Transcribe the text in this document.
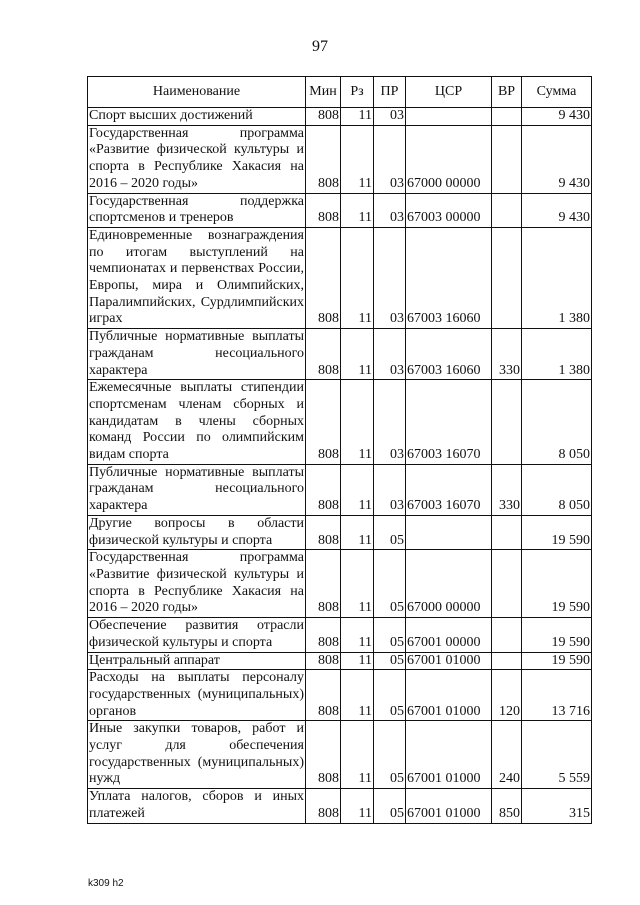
97
Наименование	Мин	Рз	ПР	ЦСР	ВР	Сумма
Спорт высших достижений	808	11	03			9 430
Государственная программа «Развитие физической культуры и спорта в Республике Хакасия на 2016 – 2020 годы»	808	11	03	67000 00000		9 430
Государственная поддержка спортсменов и тренеров	808	11	03	67003 00000		9 430
Единовременные вознаграждения по итогам выступлений на чемпионатах и первенствах России, Европы, мира и Олимпийских, Паралимпийских, Сурдлимпийских играх	808	11	03	67003 16060		1 380
Публичные нормативные выплаты гражданам несоциального характера	808	11	03	67003 16060	330	1 380
Ежемесячные выплаты стипендии спортсменам членам сборных и кандидатам в члены сборных команд России по олимпийским видам спорта	808	11	03	67003 16070		8 050
Публичные нормативные выплаты гражданам несоциального характера	808	11	03	67003 16070	330	8 050
Другие вопросы в области физической культуры и спорта	808	11	05			19 590
Государственная программа «Развитие физической культуры и спорта в Республике Хакасия на 2016 – 2020 годы»	808	11	05	67000 00000		19 590
Обеспечение развития отрасли физической культуры и спорта	808	11	05	67001 00000		19 590
Центральный аппарат	808	11	05	67001 01000		19 590
Расходы на выплаты персоналу государственных (муниципальных) органов	808	11	05	67001 01000	120	13 716
Иные закупки товаров, работ и услуг для обеспечения государственных (муниципальных) нужд	808	11	05	67001 01000	240	5 559
Уплата налогов, сборов и иных платежей	808	11	05	67001 01000	850	315
k309 h2
